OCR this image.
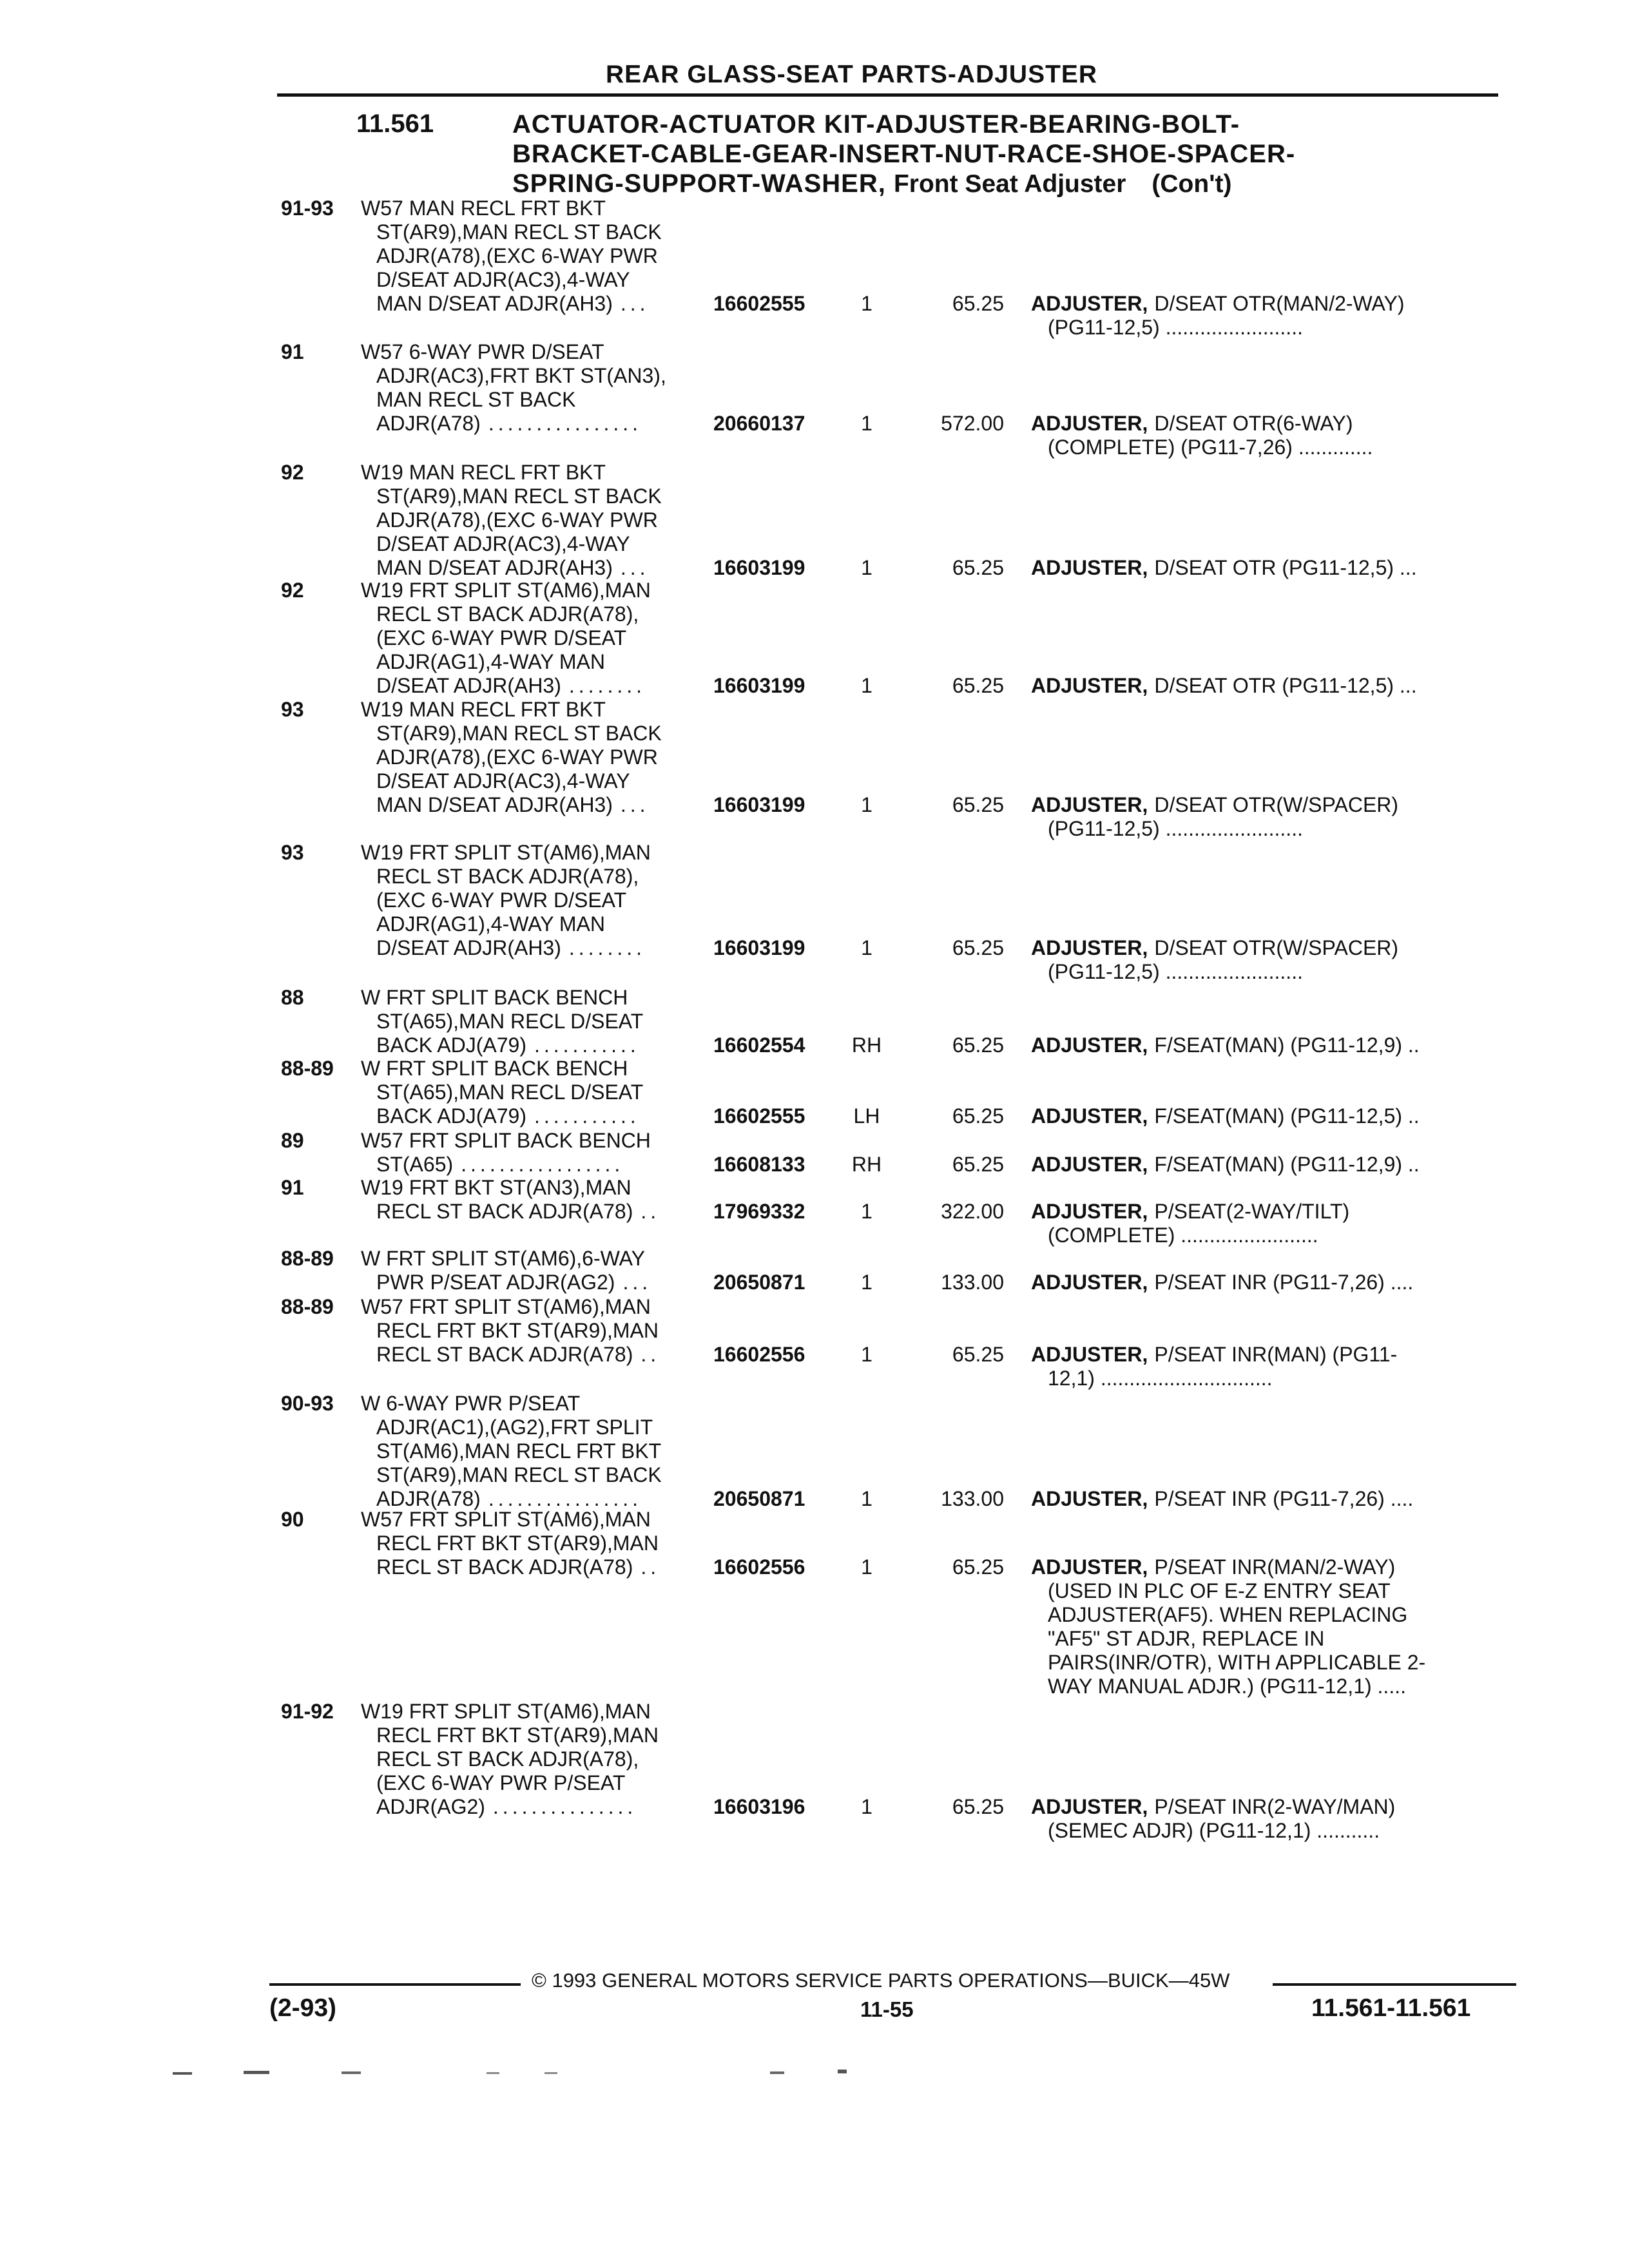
REAR GLASS-SEAT PARTS-ADJUSTER
11.561	ACTUATOR-ACTUATOR KIT-ADJUSTER-BEARING-BOLT-
BRACKET-CABLE-GEAR-INSERT-NUT-RACE-SHOE-SPACER-
SPRING-SUPPORT-WASHER, Front Seat Adjuster (Con't)
91-93 W57 MAN RECL FRT BKT
ST(AR9),MAN RECL ST BACK
ADJR(A78),(EXC 6-WAY PWR
D/SEAT ADJR(AC3),4-WAY
MAN D/SEAT ADJR(AH3) ...	16602555	1	65.25 ADJUSTER, D/SEAT OTR(MAN/2-WAY)
(PG11-12,5) ........................
91	W57 6-WAY PWR D/SEAT
ADJR(AC3),FRT BKT ST(AN3),
MAN RECL ST BACK
ADJR(A78) ................	20660137	1	572.00 ADJUSTER, D/SEAT OTR(6-WAY)
(COMPLETE) (PG11-7,26) .............
92	W19 MAN RECL FRT BKT
ST(AR9),MAN RECL ST BACK
ADJR(A78),(EXC 6-WAY PWR
D/SEAT ADJR(AC3),4-WAY
MAN D/SEAT ADJR(AH3) ...	16603199	1	65.25 ADJUSTER, D/SEAT OTR (PG11-12,5) ...
92	W19 FRT SPLIT ST(AM6),MAN
RECL ST BACK ADJR(A78),
(EXC 6-WAY PWR D/SEAT
ADJR(AG1),4-WAY MAN
D/SEAT ADJR(AH3) ........	16603199	1	65.25 ADJUSTER, D/SEAT OTR (PG11-12,5) ...
93	W19 MAN RECL FRT BKT
ST(AR9),MAN RECL ST BACK
ADJR(A78),(EXC 6-WAY PWR
D/SEAT ADJR(AC3),4-WAY
MAN D/SEAT ADJR(AH3) ...	16603199	1	65.25 ADJUSTER, D/SEAT OTR(W/SPACER)
(PG11-12,5) ........................
93	W19 FRT SPLIT ST(AM6),MAN
RECL ST BACK ADJR(A78),
(EXC 6-WAY PWR D/SEAT
ADJR(AG1),4-WAY MAN
D/SEAT ADJR(AH3) ........	16603199	1	65.25 ADJUSTER, D/SEAT OTR(W/SPACER)
(PG11-12,5) ........................
88	W FRT SPLIT BACK BENCH
ST(A65),MAN RECL D/SEAT
BACK ADJ(A79) ...........	16602554	RH	65.25 ADJUSTER, F/SEAT(MAN) (PG11-12,9) ..
88-89 W FRT SPLIT BACK BENCH
ST(A65),MAN RECL D/SEAT
BACK ADJ(A79) ...........	16602555	LH	65.25 ADJUSTER, F/SEAT(MAN) (PG11-12,5) ..
89	W57 FRT SPLIT BACK BENCH
ST(A65) .................	16608133	RH	65.25 ADJUSTER, F/SEAT(MAN) (PG11-12,9) ..
91	W19 FRT BKT ST(AN3),MAN
RECL ST BACK ADJR(A78) ..	17969332	1	322.00 ADJUSTER, P/SEAT(2-WAY/TILT)
(COMPLETE) ........................
88-89 W FRT SPLIT ST(AM6),6-WAY
PWR P/SEAT ADJR(AG2) ...	20650871	1	133.00 ADJUSTER, P/SEAT INR (PG11-7,26) ....
88-89 W57 FRT SPLIT ST(AM6),MAN
RECL FRT BKT ST(AR9),MAN
RECL ST BACK ADJR(A78) ..	16602556	1	65.25 ADJUSTER, P/SEAT INR(MAN) (PG11-
12,1) ..............................
90-93 W 6-WAY PWR P/SEAT
ADJR(AC1),(AG2),FRT SPLIT
ST(AM6),MAN RECL FRT BKT
ST(AR9),MAN RECL ST BACK
ADJR(A78) ................	20650871	1	133.00 ADJUSTER, P/SEAT INR (PG11-7,26) ....
90	W57 FRT SPLIT ST(AM6),MAN
RECL FRT BKT ST(AR9),MAN
RECL ST BACK ADJR(A78) ..	16602556	1	65.25 ADJUSTER, P/SEAT INR(MAN/2-WAY)
(USED IN PLC OF E-Z ENTRY SEAT
ADJUSTER(AF5). WHEN REPLACING
"AF5" ST ADJR, REPLACE IN
PAIRS(INR/OTR), WITH APPLICABLE 2-
WAY MANUAL ADJR.) (PG11-12,1) .....
91-92 W19 FRT SPLIT ST(AM6),MAN
RECL FRT BKT ST(AR9),MAN
RECL ST BACK ADJR(A78),
(EXC 6-WAY PWR P/SEAT
ADJR(AG2) ...............	16603196	1	65.25 ADJUSTER, P/SEAT INR(2-WAY/MAN)
(SEMEC ADJR) (PG11-12,1) ...........
© 1993 GENERAL MOTORS SERVICE PARTS OPERATIONS—BUICK—45W
(2-93)	11-55	11.561-11.561
